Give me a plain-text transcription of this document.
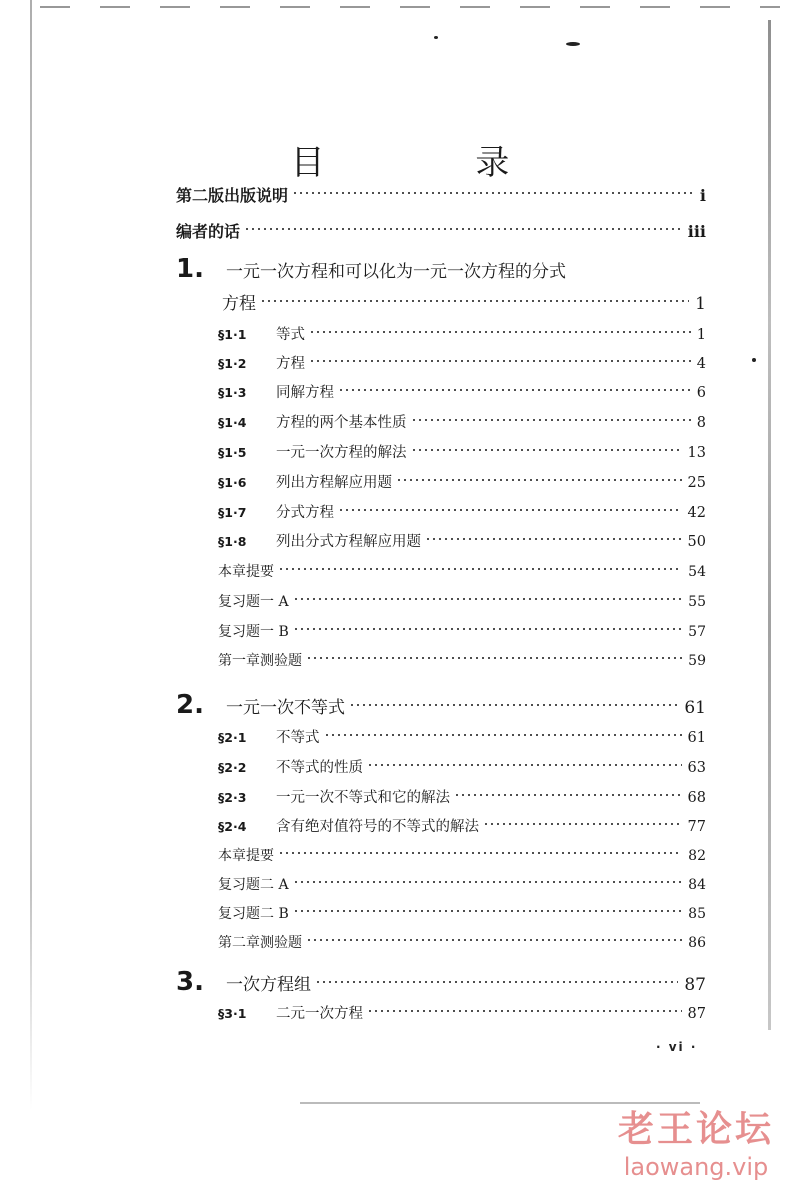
目 录
第二版出版说明	i
编者的话	iii
1.	一元一次方程和可以化为一元一次方程的分式
方程	1
§1·1	等式	1
§1·2	方程	4
§1·3	同解方程	6
§1·4	方程的两个基本性质	8
§1·5	一元一次方程的解法	13
§1·6	列出方程解应用题	25
§1·7	分式方程	42
§1·8	列出分式方程解应用题	50
本章提要	54
复习题一 A	55
复习题一 B	57
第一章测验题	59
2.	一元一次不等式	61
§2·1	不等式	61
§2·2	不等式的性质	63
§2·3	一元一次不等式和它的解法	68
§2·4	含有绝对值符号的不等式的解法	77
本章提要	82
复习题二 A	84
复习题二 B	85
第二章测验题	86
3.	一次方程组	87
§3·1	二元一次方程	87
· vi ·
老王论坛
laowang.vip
